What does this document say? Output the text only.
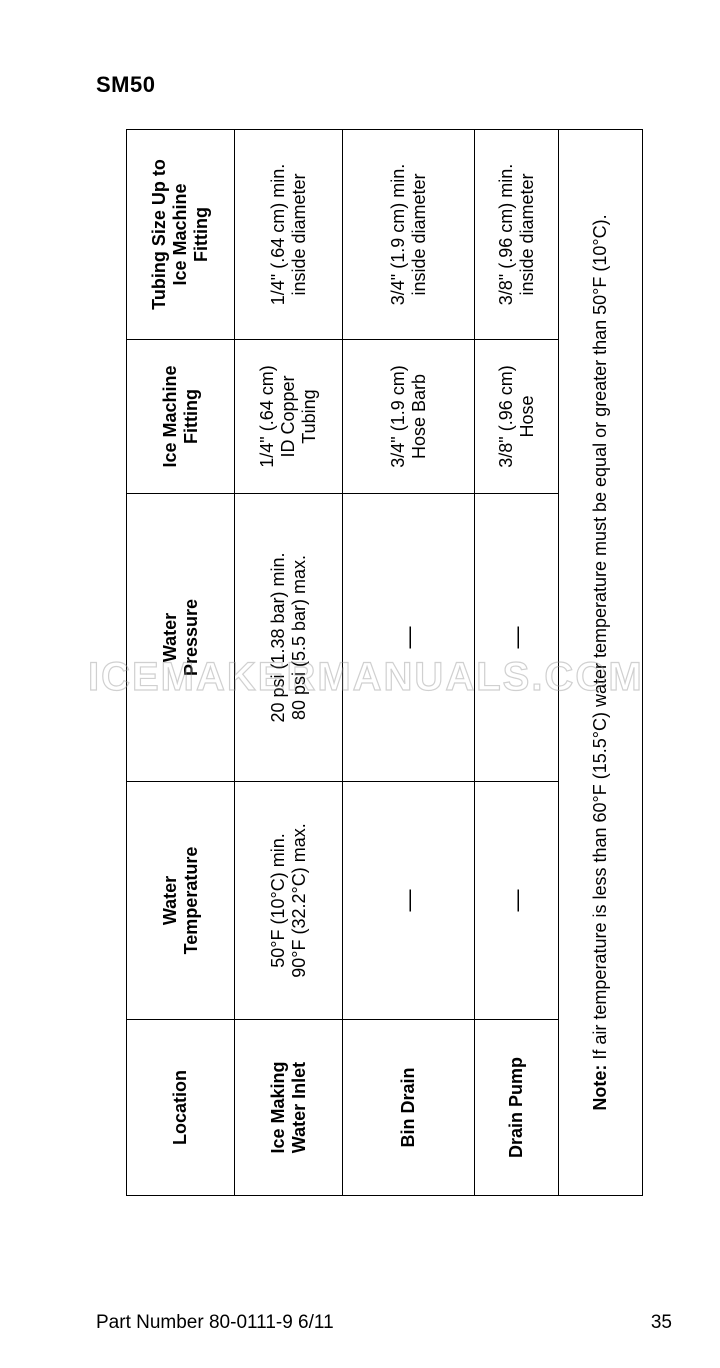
SM50
Location	Water Temperature	Water Pressure	Ice Machine Fitting	Tubing Size Up to Ice Machine Fitting

Ice Making Water Inlet	50°F (10°C) min. 90°F (32.2°C) max.	20 psi (1.38 bar) min. 80 psi (5.5 bar) max.	1/4" (.64 cm) ID Copper Tubing	1/4" (.64 cm) min. inside diameter

Bin Drain	—	—	3/4" (1.9 cm) Hose Barb	3/4" (1.9 cm) min. inside diameter

Drain Pump	—	—	3/8" (.96 cm) Hose	3/8" (.96 cm) min. inside diameter

Note: If air temperature is less than 60°F (15.5°C) water temperature must be equal or greater than 50°F (10°C).				
ICEMAKERMANUALS.COM
Part Number 80-0111-9 6/11	35
